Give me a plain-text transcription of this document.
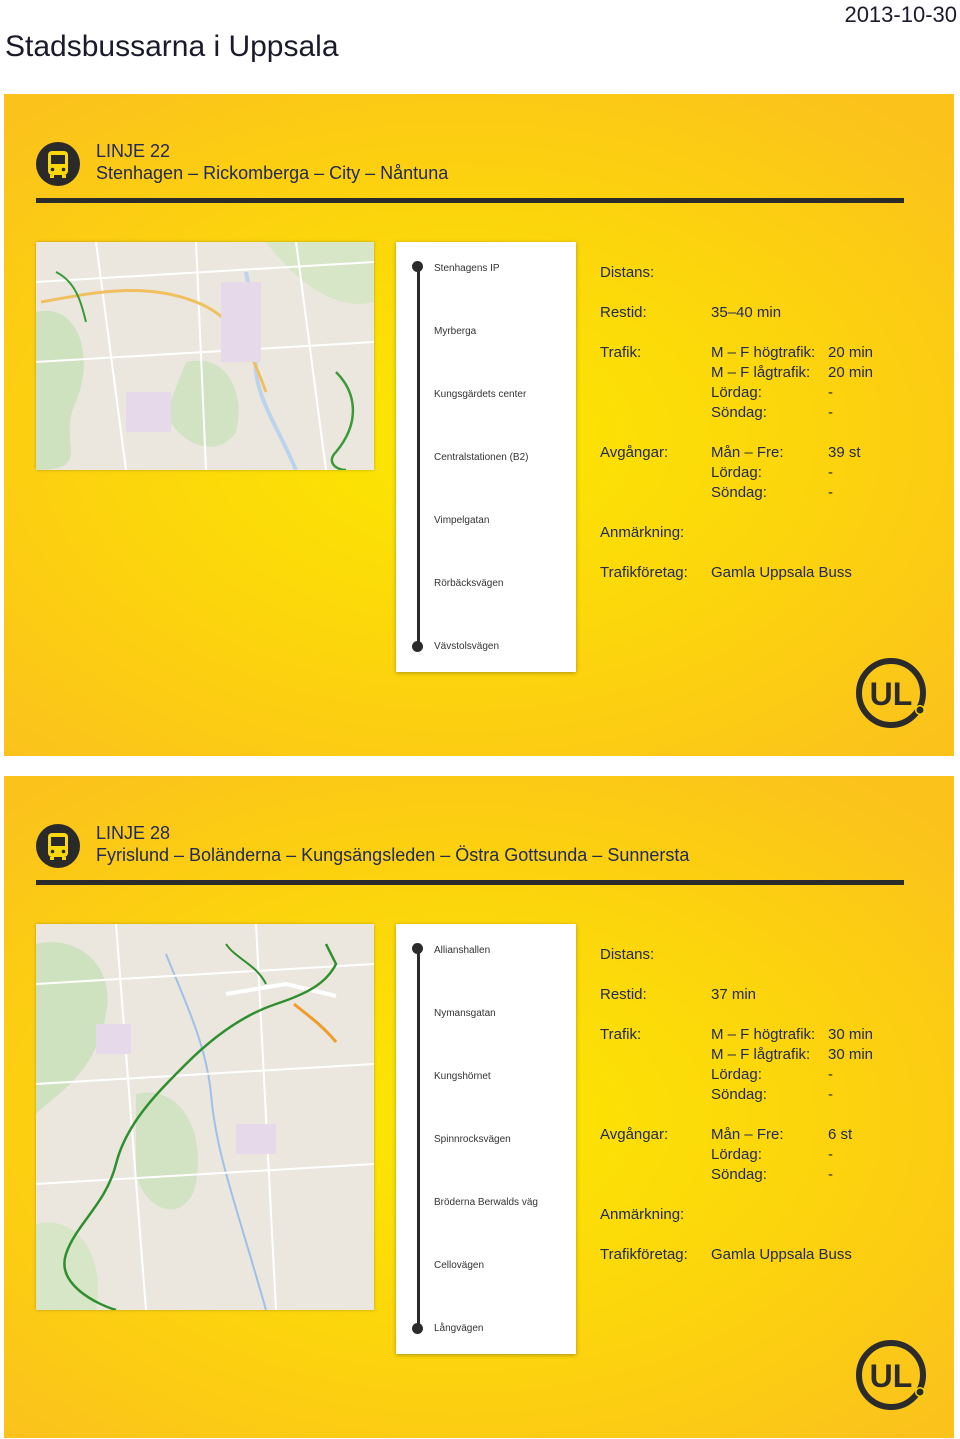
Stadsbussarna i Uppsala
2013-10-30
LINJE 22
Stenhagen – Rickomberga – City – Nåntuna
Stenhagens IP
Myrberga
Kungsgärdets center
Centralstationen (B2)
Vimpelgatan
Rörbäcksvägen
Vävstolsvägen
Distans:
Restid:	35–40 min
Trafik:	M – F högtrafik: 20 min
M – F lågtrafik: 20 min
Lördag:	-
Söndag:	-
Avgångar:	Mån – Fre:	39 st
Lördag:	-
Söndag:	-
Anmärkning:
Trafikföretag: Gamla Uppsala Buss
UL
LINJE 28
Fyrislund – Boländerna – Kungsängsleden – Östra Gottsunda – Sunnersta
Allianshallen
Nymansgatan
Kungshörnet
Spinnrocksvägen
Bröderna Berwalds väg
Cellovägen
Långvägen
Distans:
Restid:	37 min
Trafik:	M – F högtrafik: 30 min
M – F lågtrafik: 30 min
Lördag:	-
Söndag:	-
Avgångar:	Mån – Fre:	6 st
Lördag:	-
Söndag:	-
Anmärkning:
Trafikföretag: Gamla Uppsala Buss
UL
